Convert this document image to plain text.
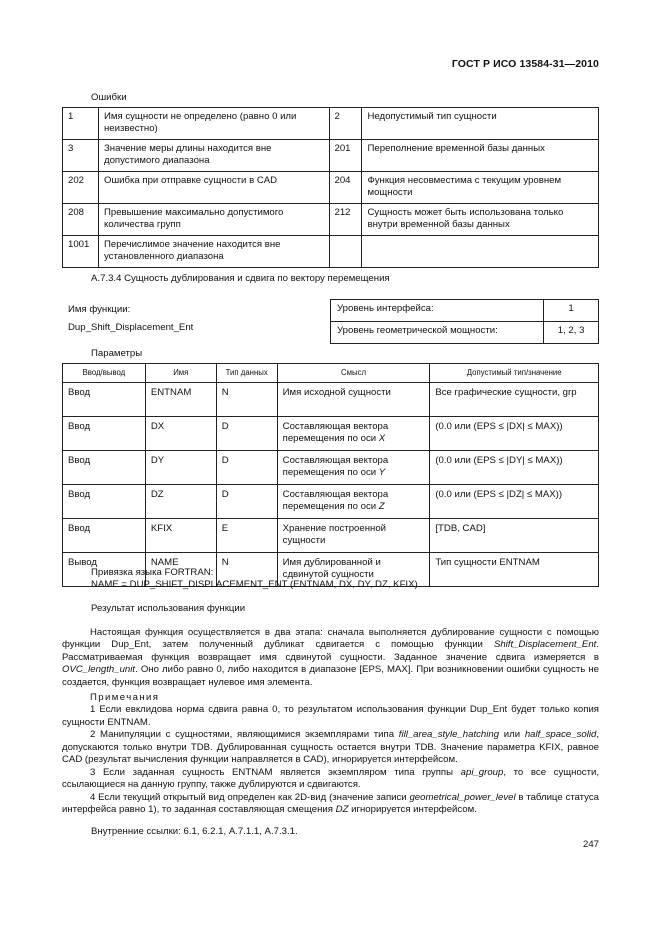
ГОСТ Р ИСО 13584-31—2010
Ошибки
1	Имя сущности не определено (равно 0 или неизвестно)	2	Недопустимый тип сущности
3	Значение меры длины находится вне допустимого диапазона	201	Переполнение временной базы данных
202	Ошибка при отправке сущности в CAD	204	Функция несовместима с текущим уровнем мощности
208	Превышение максимально допустимого количества групп	212	Сущность может быть использована только внутри временной базы данных
1001	Перечислимое значение находится вне установленного диапазона		
А.7.3.4 Сущность дублирования и сдвига по вектору перемещения
Имя функции:
Dup_Shift_Displacement_Ent
Уровень интерфейса:	1
Уровень геометрической мощности:	1, 2, 3
Параметры
Ввод/вывод	Имя	Тип данных	Смысл	Допустимый тип/значение
Ввод	ENTNAM	N	Имя исходной сущности	Все графические сущности, grp
Ввод	DX	D	Составляющая вектора перемещения по оси X	(0.0 или (EPS ≤ |DX| ≤ MAX))
Ввод	DY	D	Составляющая вектора перемещения по оси Y	(0.0 или (EPS ≤ |DY| ≤ MAX))
Ввод	DZ	D	Составляющая вектора перемещения по оси Z	(0.0 или (EPS ≤ |DZ| ≤ MAX))
Ввод	KFIX	E	Хранение построенной сущности	[TDB, CAD]
Вывод	NAME	N	Имя дублированной и сдвинутой сущности	Тип сущности ENTNAM
Привязка языка FORTRAN:
NAME = DUP_SHIFT_DISPLACEMENT_ENT (ENTNAM, DX, DY, DZ, KFIX)
Результат использования функции

Настоящая функция осуществляется в два этапа: сначала выполняется дублирование сущности с помощью функции Dup_Ent, затем полученный дубликат сдвигается с помощью функции Shift_Displacement_Ent. Рассматриваемая функция возвращает имя сдвинутой сущности. Заданное значение сдвига измеряется в OVC_length_unit. Оно либо равно 0, либо находится в диапазоне [EPS, MAX]. При возникновении ошибки сущность не создается, функция возвращает нулевое имя элемента.

Примечания

1 Если евклидова норма сдвига равна 0, то результатом использования функции Dup_Ent будет только копия сущности ENTNAM.

2 Манипуляции с сущностями, являющимися экземплярами типа fill_area_style_hatching или half_space_solid, допускаются только внутри TDB. Дублированная сущность остается внутри TDB. Значение параметра KFIX, равное CAD (результат вычисления функции направляется в CAD), игнорируется интерфейсом.

3 Если заданная сущность ENTNAM является экземпляром типа группы api_group, то все сущности, ссылающиеся на данную группу, также дублируются и сдвигаются.

4 Если текущий открытый вид определен как 2D-вид (значение записи geometrical_power_level в таблице статуса интерфейса равно 1), то заданная составляющая смещения DZ игнорируется интерфейсом.

Внутренние ссылки: 6.1, 6.2.1, А.7.1.1, А.7.3.1.
247
